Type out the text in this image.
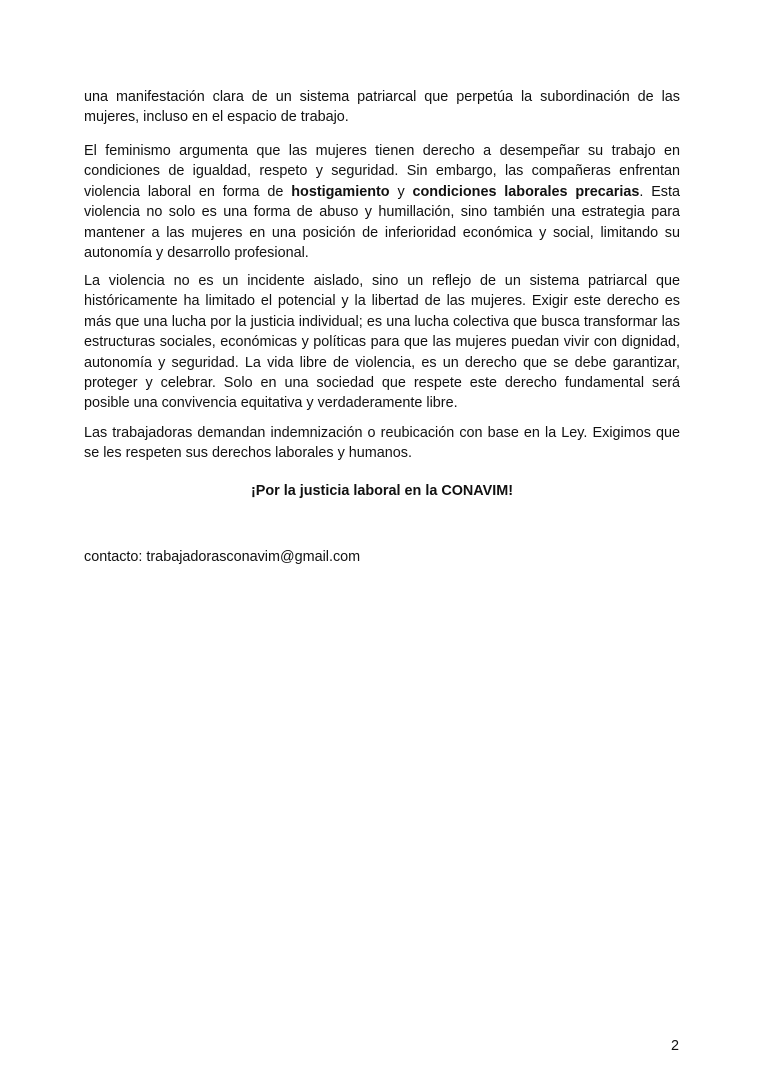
una manifestación clara de un sistema patriarcal que perpetúa la subordinación de las mujeres, incluso en el espacio de trabajo.

El feminismo argumenta que las mujeres tienen derecho a desempeñar su trabajo en condiciones de igualdad, respeto y seguridad. Sin embargo, las compañeras enfrentan violencia laboral en forma de hostigamiento y condiciones laborales precarias. Esta violencia no solo es una forma de abuso y humillación, sino también una estrategia para mantener a las mujeres en una posición de inferioridad económica y social, limitando su autonomía y desarrollo profesional.

La violencia no es un incidente aislado, sino un reflejo de un sistema patriarcal que históricamente ha limitado el potencial y la libertad de las mujeres. Exigir este derecho es más que una lucha por la justicia individual; es una lucha colectiva que busca transformar las estructuras sociales, económicas y políticas para que las mujeres puedan vivir con dignidad, autonomía y seguridad. La vida libre de violencia, es un derecho que se debe garantizar, proteger y celebrar. Solo en una sociedad que respete este derecho fundamental será posible una convivencia equitativa y verdaderamente libre.

Las trabajadoras demandan indemnización o reubicación con base en la Ley. Exigimos que se les respeten sus derechos laborales y humanos.

¡Por la justicia laboral en la CONAVIM!

contacto: trabajadorasconavim@gmail.com

2
